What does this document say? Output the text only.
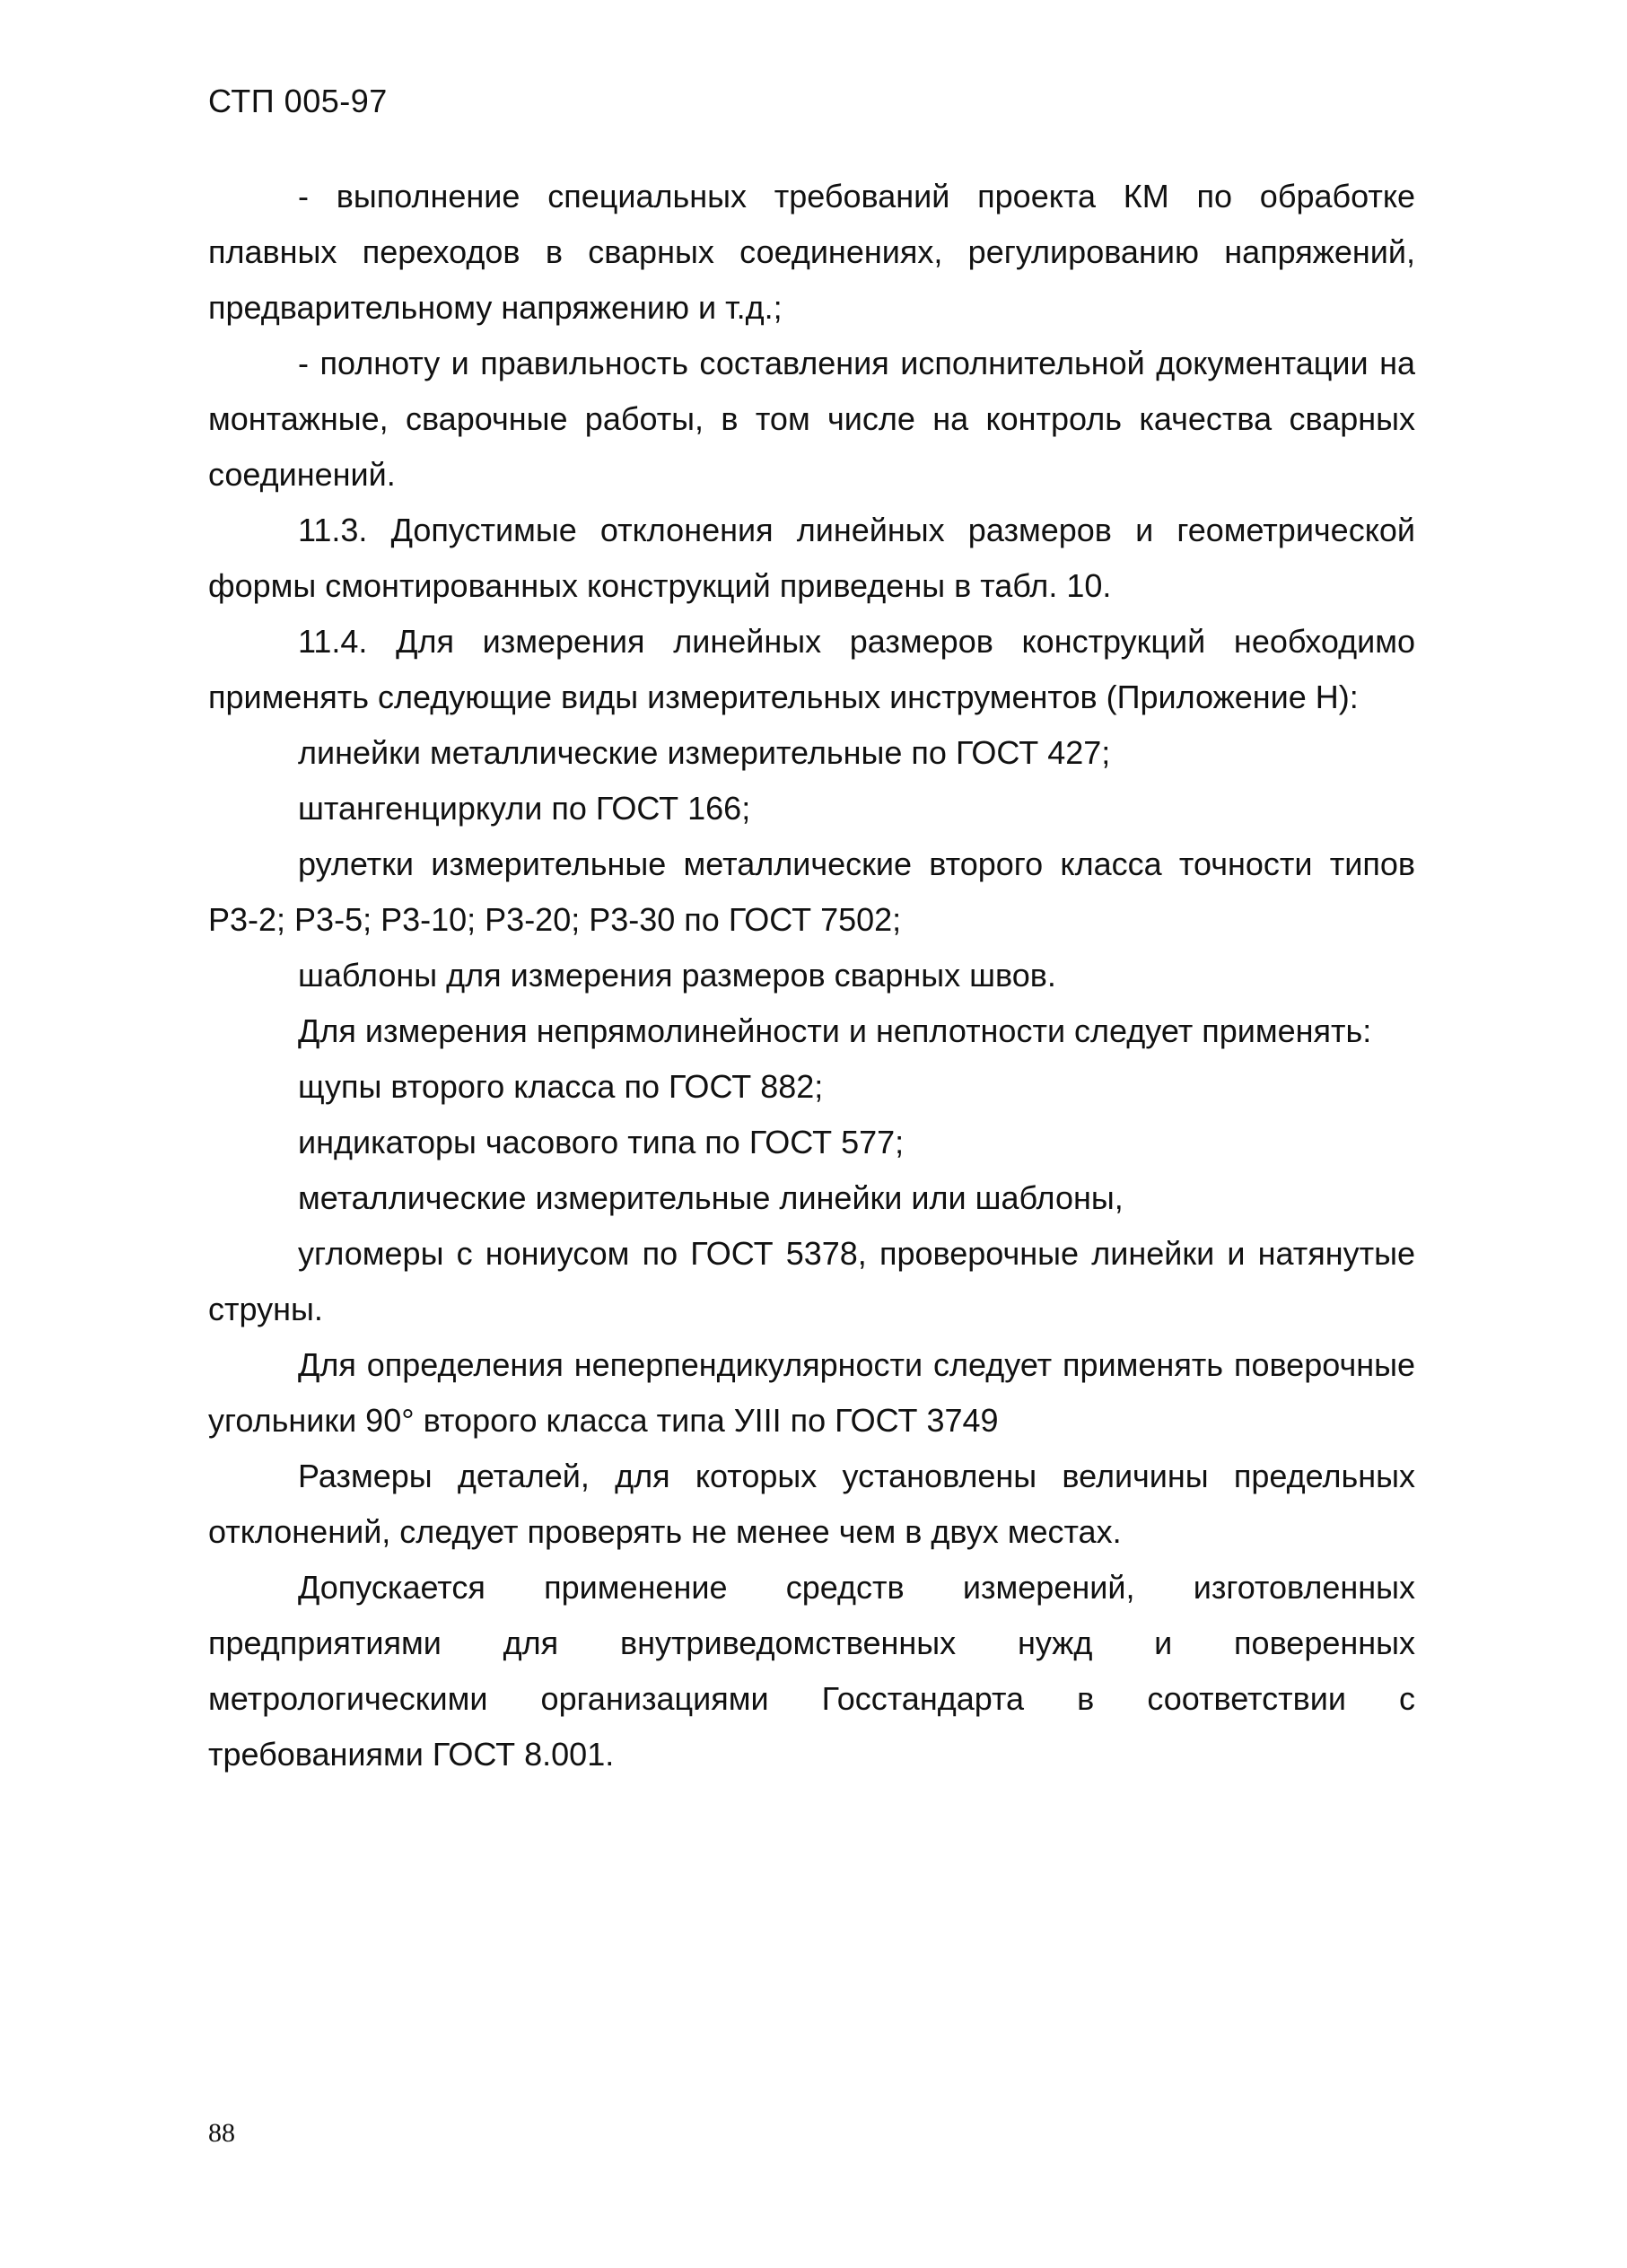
СТП 005-97

- выполнение специальных требований проекта КМ по обработке плавных переходов в сварных соединениях, регулированию напряжений, предварительному напряжению и т.д.;

- полноту и правильность составления исполнительной документации на монтажные, сварочные работы, в том числе на контроль качества сварных соединений.

11.3. Допустимые отклонения линейных размеров и геометрической формы смонтированных конструкций приведены в табл. 10.

11.4. Для измерения линейных размеров конструкций необходимо применять следующие виды измерительных инструментов (Приложение Н):

линейки металлические измерительные по ГОСТ 427;

штангенциркули по ГОСТ 166;

рулетки измерительные металлические второго класса точности типов Р3-2; Р3-5; Р3-10; Р3-20; Р3-30 по ГОСТ 7502;

шаблоны для измерения размеров сварных швов.

Для измерения непрямолинейности и неплотности следует применять:

щупы второго класса по ГОСТ 882;

индикаторы часового типа по ГОСТ 577;

металлические измерительные линейки или шаблоны,

угломеры с нониусом по ГОСТ 5378, проверочные линейки и натянутые струны.

Для определения неперпендикулярности следует применять поверочные угольники 90° второго класса типа УIII по ГОСТ 3749

Размеры деталей, для которых установлены величины предельных отклонений, следует проверять не менее чем в двух местах.

Допускается применение средств измерений, изготовленных предприятиями для внутриведомственных нужд и поверенных метрологическими организациями Госстандарта в соответствии с требованиями ГОСТ 8.001.

88
